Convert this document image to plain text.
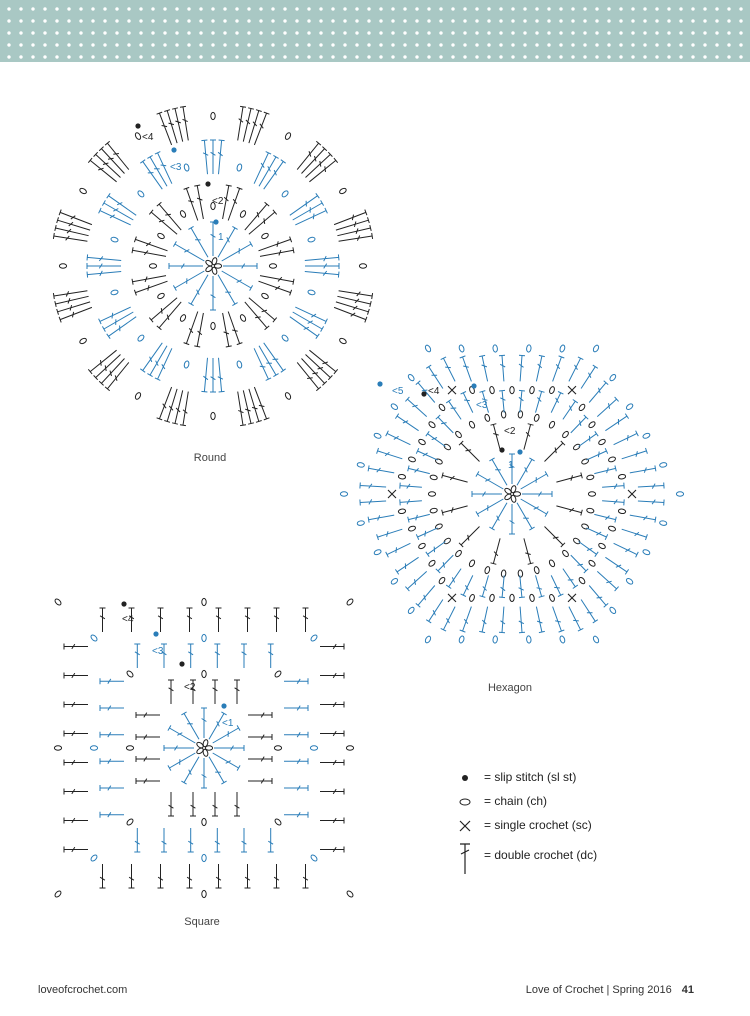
<4
<3
<2
1
Round
<5 <4
<3
<2
1
Hexagon
<4
<3
<2
<1
Square
= slip stitch (sl st)
= chain (ch)
= single crochet (sc)
= double crochet (dc)
loveofcrochet.com	Love of Crochet | Spring 2016 41
